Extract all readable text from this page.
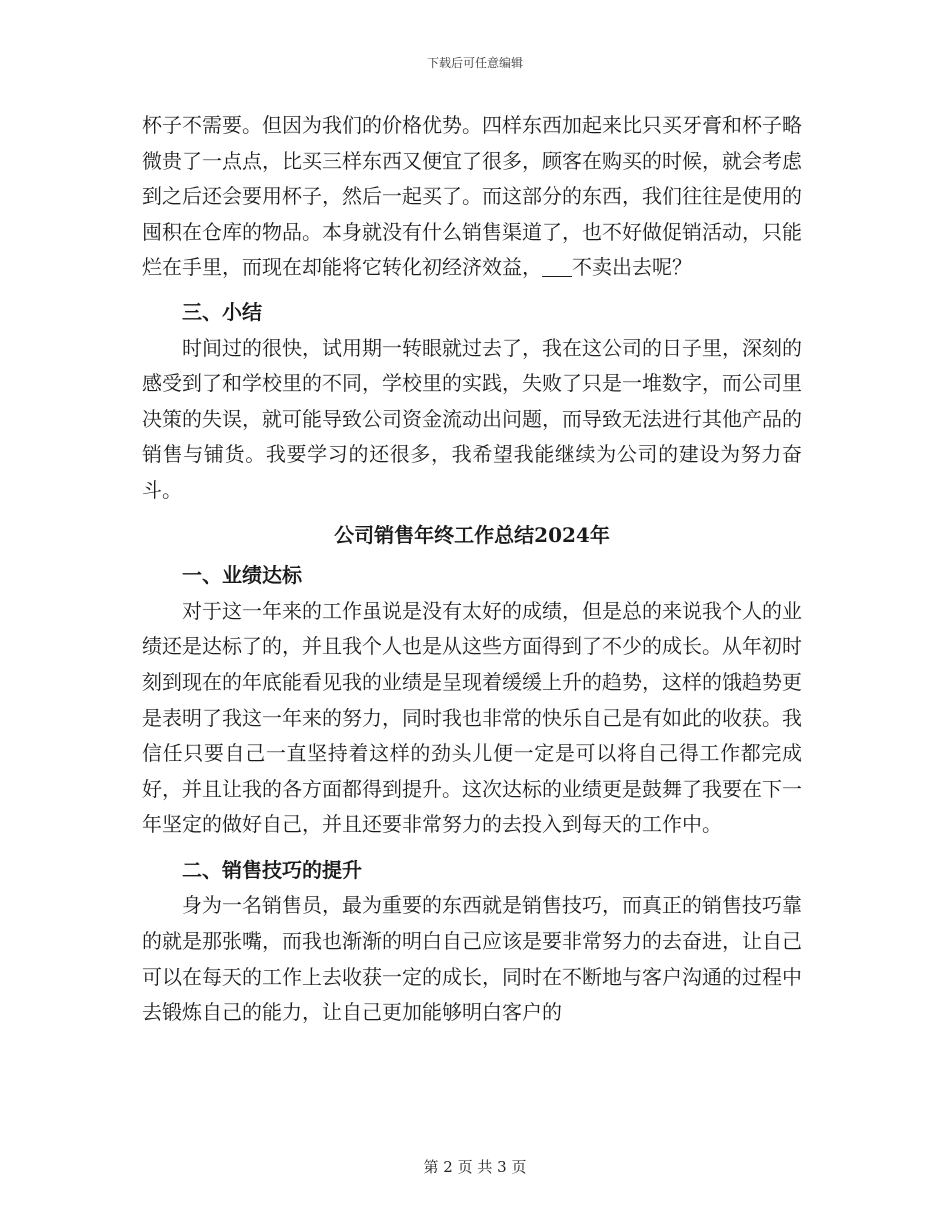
下载后可任意编辑

杯子不需要。但因为我们的价格优势。四样东西加起来比只买牙膏和杯子略微贵了一点点，比买三样东西又便宜了很多，顾客在购买的时候，就会考虑到之后还会要用杯子，然后一起买了。而这部分的东西，我们往往是使用的囤积在仓库的物品。本身就没有什么销售渠道了，也不好做促销活动，只能烂在手里，而现在却能将它转化初经济效益， 不卖出去呢？

三、小结

时间过的很快，试用期一转眼就过去了，我在这公司的日子里，深刻的感受到了和学校里的不同，学校里的实践，失败了只是一堆数字，而公司里决策的失误，就可能导致公司资金流动出问题，而导致无法进行其他产品的销售与铺货。我要学习的还很多，我希望我能继续为公司的建设为努力奋斗。

公司销售年终工作总结2024年

一、业绩达标

对于这一年来的工作虽说是没有太好的成绩，但是总的来说我个人的业绩还是达标了的，并且我个人也是从这些方面得到了不少的成长。从年初时刻到现在的年底能看见我的业绩是呈现着缓缓上升的趋势，这样的饿趋势更是表明了我这一年来的努力，同时我也非常的快乐自己是有如此的收获。我信任只要自己一直坚持着这样的劲头儿便一定是可以将自己得工作都完成好，并且让我的各方面都得到提升。这次达标的业绩更是鼓舞了我要在下一年坚定的做好自己，并且还要非常努力的去投入到每天的工作中。

二、销售技巧的提升

身为一名销售员，最为重要的东西就是销售技巧，而真正的销售技巧靠的就是那张嘴，而我也渐渐的明白自己应该是要非常努力的去奋进，让自己可以在每天的工作上去收获一定的成长，同时在不断地与客户沟通的过程中去锻炼自己的能力，让自己更加能够明白客户的

第 2 页 共 3 页
